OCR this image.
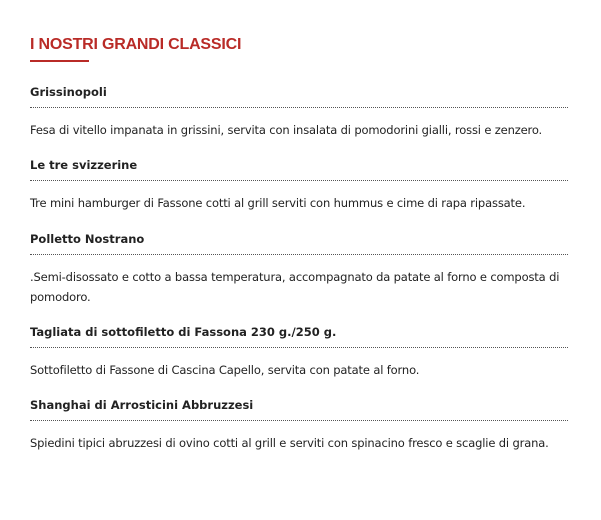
I NOSTRI GRANDI CLASSICI
Grissinopoli
Fesa di vitello impanata in grissini, servita con insalata di pomodorini gialli, rossi e zenzero.
Le tre svizzerine
Tre mini hamburger di Fassone cotti al grill serviti con hummus e cime di rapa ripassate.
Polletto Nostrano
.Semi-disossato e cotto a bassa temperatura, accompagnato da patate al forno e composta di pomodoro.
Tagliata di sottofiletto di Fassona 230 g./250 g.
Sottofiletto di Fassone di Cascina Capello, servita con patate al forno.
Shanghai di Arrosticini Abbruzzesi
Spiedini tipici abruzzesi di ovino cotti al grill e serviti con spinacino fresco e scaglie di grana.
